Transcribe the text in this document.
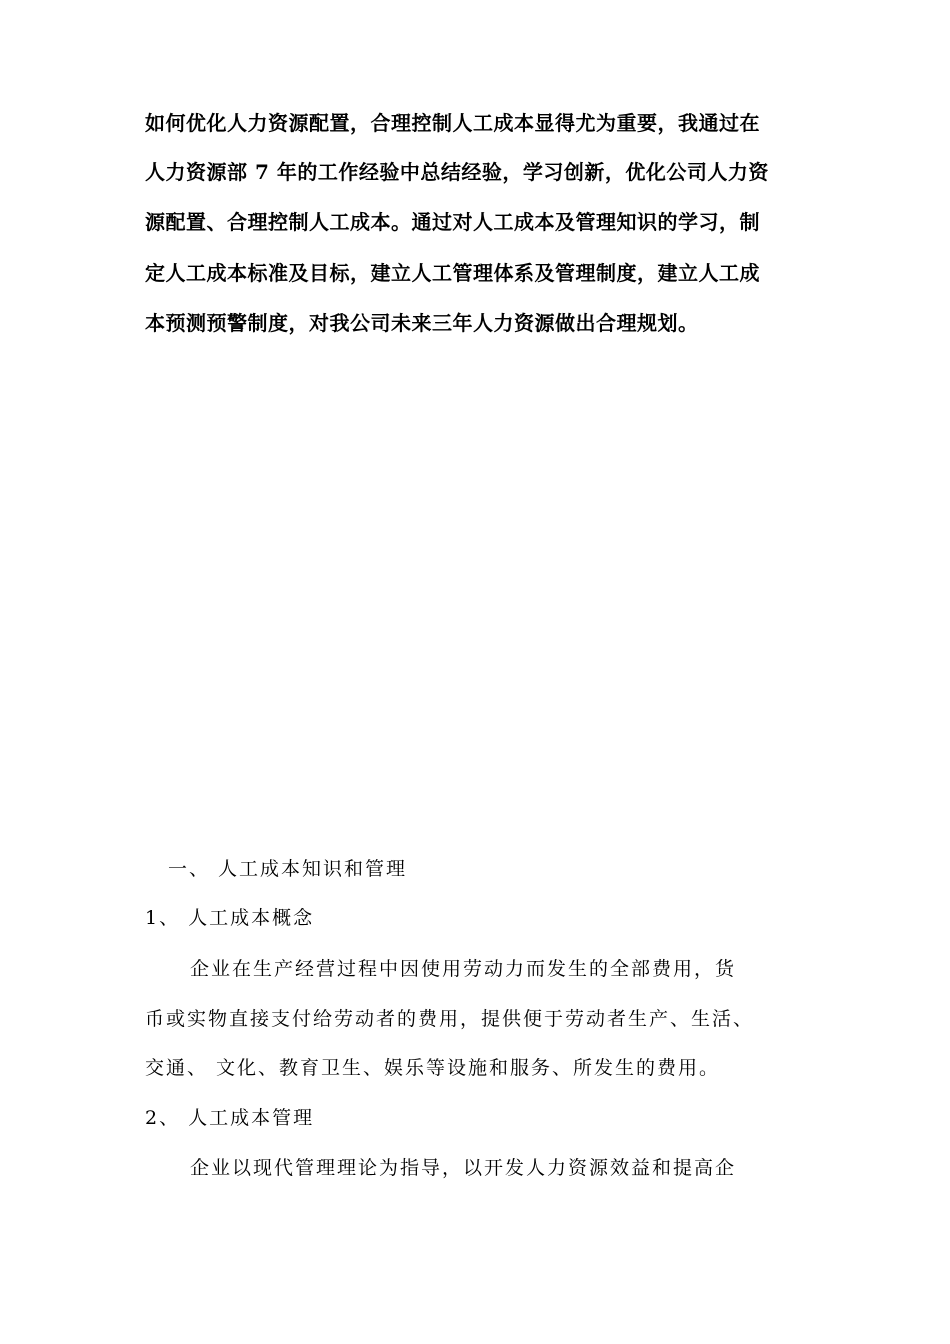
如何优化人力资源配置，合理控制人工成本显得尤为重要，我通过在
人力资源部 7 年的工作经验中总结经验，学习创新，优化公司人力资
源配置、合理控制人工成本。通过对人工成本及管理知识的学习，制
定人工成本标准及目标，建立人工管理体系及管理制度，建立人工成
本预测预警制度，对我公司未来三年人力资源做出合理规划。
一、 人工成本知识和管理
1、 人工成本概念
企业在生产经营过程中因使用劳动力而发生的全部费用，货
币或实物直接支付给劳动者的费用，提供便于劳动者生产、生活、
交通、 文化、教育卫生、娱乐等设施和服务、所发生的费用。
2、 人工成本管理
企业以现代管理理论为指导，以开发人力资源效益和提高企
